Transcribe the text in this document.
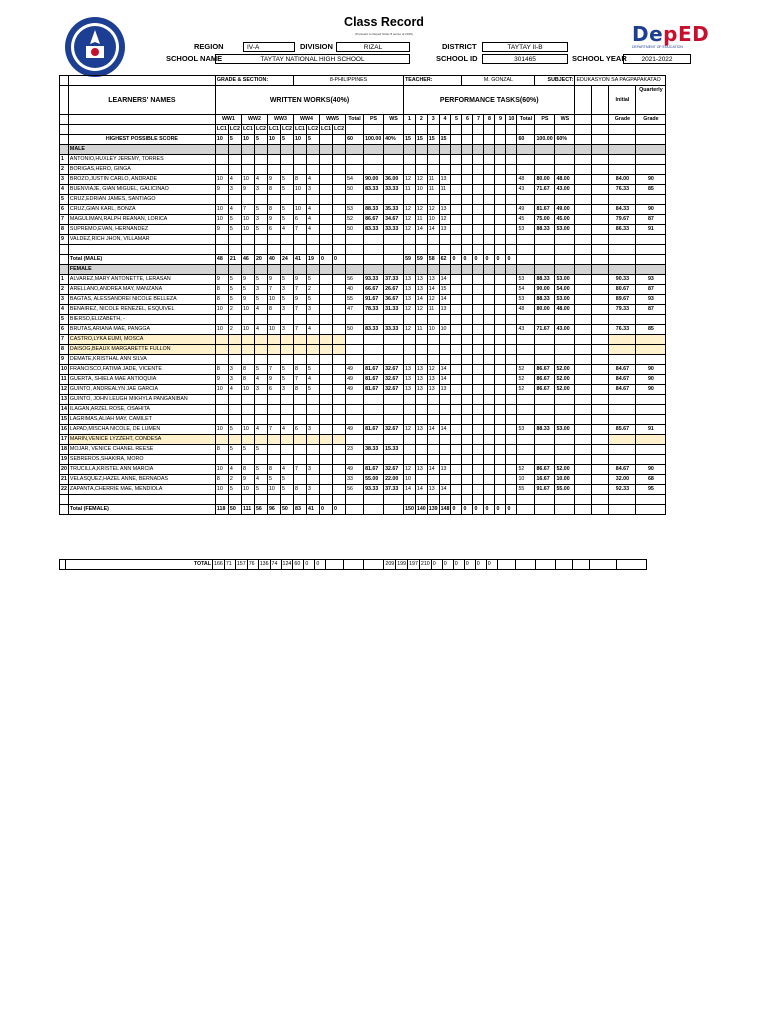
Class Record
(Pursuant to Deped Order 8 series of 2015)	DepED
DEPARTMENT OF EDUCATION
REGION	IV-A	DIVISION	RIZAL	DISTRICT	TAYTAY II-B
SCHOOL NAME	TAYTAY NATIONAL HIGH SCHOOL	SCHOOL ID	301465	SCHOOL YEAR	2021-2022
		GRADE & SECTION:						8-PHILIPPINES							TEACHER:					M. GONZAL						SUBJECT:		EDUKASYON SA PAGPAPAKATAO			
	LEARNERS' NAMES	WRITTEN WORKS(40%)													PERFORMANCE TASKS(60%)															Initial	Quarterly
		WW1		WW2		WW3		WW4		WW5		Total	PS	WS	1	2	3	4	5	6	7	8	9	10	Total	PS	WS			Grade	Grade
		LC1	LC2	LC1	LC2	LC1	LC2	LC1	LC2	LC1	LC2																				
	HIGHEST POSSIBLE SCORE	10	5	10	5	10	5	10	5			60	100.00	40%	15	15	15	15							60	100.00	60%				
	MALE																														
1	ANTONIO,HUXLEY JEREMY, TORRES																														
2	BORIGAS,HERO, GINGA																														
3	BROZO,JUSTIN CARLO, ANDRADE	10	4	10	4	9	5	8	4			54	90.00	36.00	12	12	11	13							48	80.00	48.00			84.00	90
4	BUENVIAJE, GIAN MIGUEL, GALICINAO	9	3	9	3	8	5	10	3			50	83.33	33.33	11	10	11	11							43	71.67	43.00			76.33	85
5	CRUZ,EDRIAN JAMES, SANTIAGO																														
6	CRUZ,GIAN KARL, BONZA	10	4	7	5	8	5	10	4			53	88.33	35.33	12	12	12	13							49	81.67	49.00			84.33	90
7	MAGULIMAN,RALPH REANAN, LORICA	10	5	10	3	9	5	6	4			52	86.67	34.67	12	11	10	12							45	75.00	45.00			79.67	87
8	SUPREMO,EVAN, HERNANDEZ	9	5	10	5	6	4	7	4			50	83.33	33.33	12	14	14	13							53	88.33	53.00			86.33	91
9	VALDEZ,RICH JHON, VILLAMAR																														

	Total (MALE)	48	21	46	20	40	24	41	19	0	0				59	59	58	62	0	0	0	0	0	0							
	FEMALE																														
1	ALVAREZ,MARY ANTONETTE, LERASAN	9	5	9	5	9	5	9	5			56	93.33	37.33	13	13	13	14							53	88.33	53.00			90.33	93
2	ARELLANO,ANDREA MAY, MANZANA	8	5	5	3	7	3	7	2			40	66.67	26.67	13	13	14	15							54	90.00	54.00			80.67	87
3	BAGTAS, ALESSANDREI NICOLE BELLEZA	8	5	9	5	10	5	9	5			55	91.67	36.67	13	14	12	14							53	88.33	53.00			89.67	93
4	BENAIREZ, NICOLE RENEZEL, ESQUIVEL	10	2	10	4	8	3	7	3			47	78.33	31.33	12	12	11	13							48	80.00	48.00			79.33	87
5	BIERSO,ELIZABETH, -																														
6	BRUTAS,ARIANA MAE, PANGGA	10	2	10	4	10	3	7	4			50	83.33	33.33	12	11	10	10							43	71.67	43.00			76.33	85
7	CASTRO,LYKA EUMI, MOSCA																														
8	DAISOG,BEAUX MARGARETTE FULLON																														
9	DEMATE,KRISTHAL ANN SILVA																														
10	FRANCISCO,FATIMA JADE, VICENTE	8	3	8	5	7	5	8	5			49	81.67	32.67	13	13	12	14							52	86.67	52.00			84.67	90
11	GUERTA, SHIELA MAE ANTIOQUIA	9	3	8	4	9	5	7	4			49	81.67	32.67	13	13	13	14							52	86.67	52.00			84.67	90
12	GUINTO, ANDREALYN JAE GARCIA	10	4	10	3	6	3	8	5			49	81.67	32.67	13	13	13	13							52	86.67	52.00			84.67	90
13	GUINTO, JOHN LEUGH MIKHYLA PANGANIBAN																														
14	ILAGAN,ARZEL ROSE, OSAHITA																														
15	LAGRIMAS,ALIAH MAY, CAMILET																														
16	LAPAD,MISCHA NICOLE, DE LUMEN	10	5	10	4	7	4	6	3			49	81.67	32.67	12	13	14	14							53	88.33	53.00			85.67	91
17	MARIN,VENICE LYZZEHT, CONDESA																														
18	MOJAR, VENICE CHANEL REESE	8	5	5	5							23	38.33	15.33																	
19	SEBREROS,SHAKIRA, MORO																														
20	TRUCILLA,KRISTEL ANN MARCIA	10	4	8	5	8	4	7	3			49	81.67	32.67	12	13	14	13							52	86.67	52.00			84.67	90
21	VELASQUEZ,HAZEL ANNE, BERNADAS	8	2	9	4	5	5					33	55.00	22.00	10										10	16.67	10.00			32.00	68
22	ZAPANTA,CHERRIE MAE, MENDIOLA	10	5	10	5	10	5	8	3			56	93.33	37.33	14	14	13	14							55	91.67	55.00			92.33	95

	Total (FEMALE)	118	50	111	56	96	50	83	41	0	0				150	140	139	148	0	0	0	0	0	0							
	TOTAL	166	71	157	76	136	74	124	60	0	0				209	199	197	210	0	0	0	0	0	0							
